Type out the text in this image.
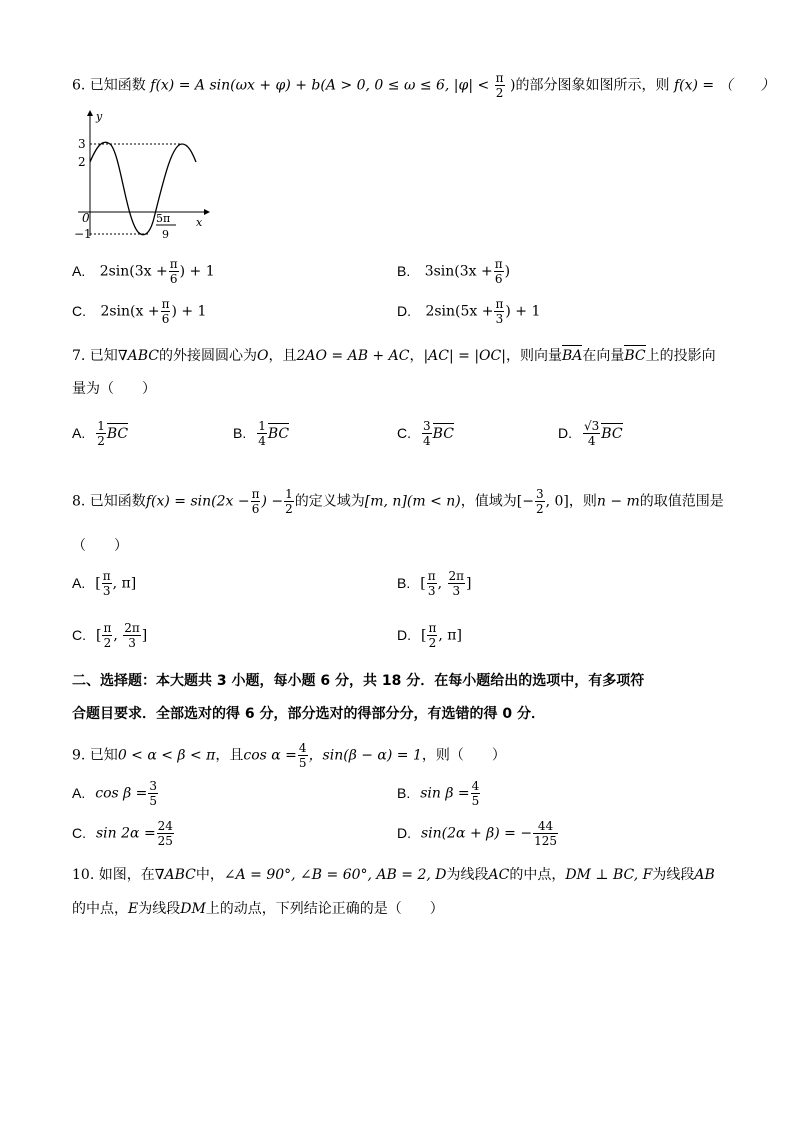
6. 已知函数 f(x) = A sin(ωx + φ) + b(A > 0, 0 ≤ ω ≤ 6, $|\varphi| < \frac{\pi}{2}$ )的部分图象如图所示，则 f(x) = （　　）
y
x
3
2
0
−1
5π
9
A. $2\sin(3x + \frac{\pi}{6}$ ) + 1	B. $3\sin(3x + \frac{\pi}{6}$ )
C. $2\sin(x + \frac{\pi}{6}$ ) + 1	D. $2\sin(5x + \frac{\pi}{3}$ ) + 1
7. 已知∇ABC的外接圆圆心为O，且2AO = AB + AC，|AC| = |OC|，则向量BA在向量BC上的投影向
量为（　　）
A. $\frac{1}{2}$ BC	B. $\frac{1}{4}$ BC	C. $\frac{3}{4}$ BC	D. $\frac{√3}{4}$ BC
8. 已知函数$f(x) = \sin(2x - \frac{\pi}{6}$ ) − $\frac{1}{2}$ 的定义域为[m, n](m < n)，值域为[− $\frac{3}{2}$ , 0]，则n − m的取值范围是
（　　）
A. [ $\frac{\pi}{3}$ , π]	B. [ $\frac{\pi}{3}$ , $\frac{2\pi}{3}$ ]
C. [ $\frac{\pi}{2}$ , $\frac{2\pi}{3}$ ]	D. [ $\frac{\pi}{2}$ , π]
二、选择题：本大题共 3 小题，每小题 6 分，共 18 分．在每小题给出的选项中，有多项符
合题目要求．全部选对的得 6 分，部分选对的得部分分，有选错的得 0 分．
9. 已知0 < α < β < π，且$\cos \alpha = \frac{4}{5}$ ，sin(β − α) = 1，则（　　）
A. $\cos \beta = \frac{3}{5}$	B. $\sin \beta = \frac{4}{5}$
C. $\sin 2\alpha = \frac{24}{25}$	D. sin(2α + β) = − $\frac{44}{125}$
10. 如图，在∇ABC中，∠A = 90°, ∠B = 60°, AB = 2, D为线段AC的中点，DM ⊥ BC, F为线段AB
的中点，E为线段DM上的动点，下列结论正确的是（　　）
